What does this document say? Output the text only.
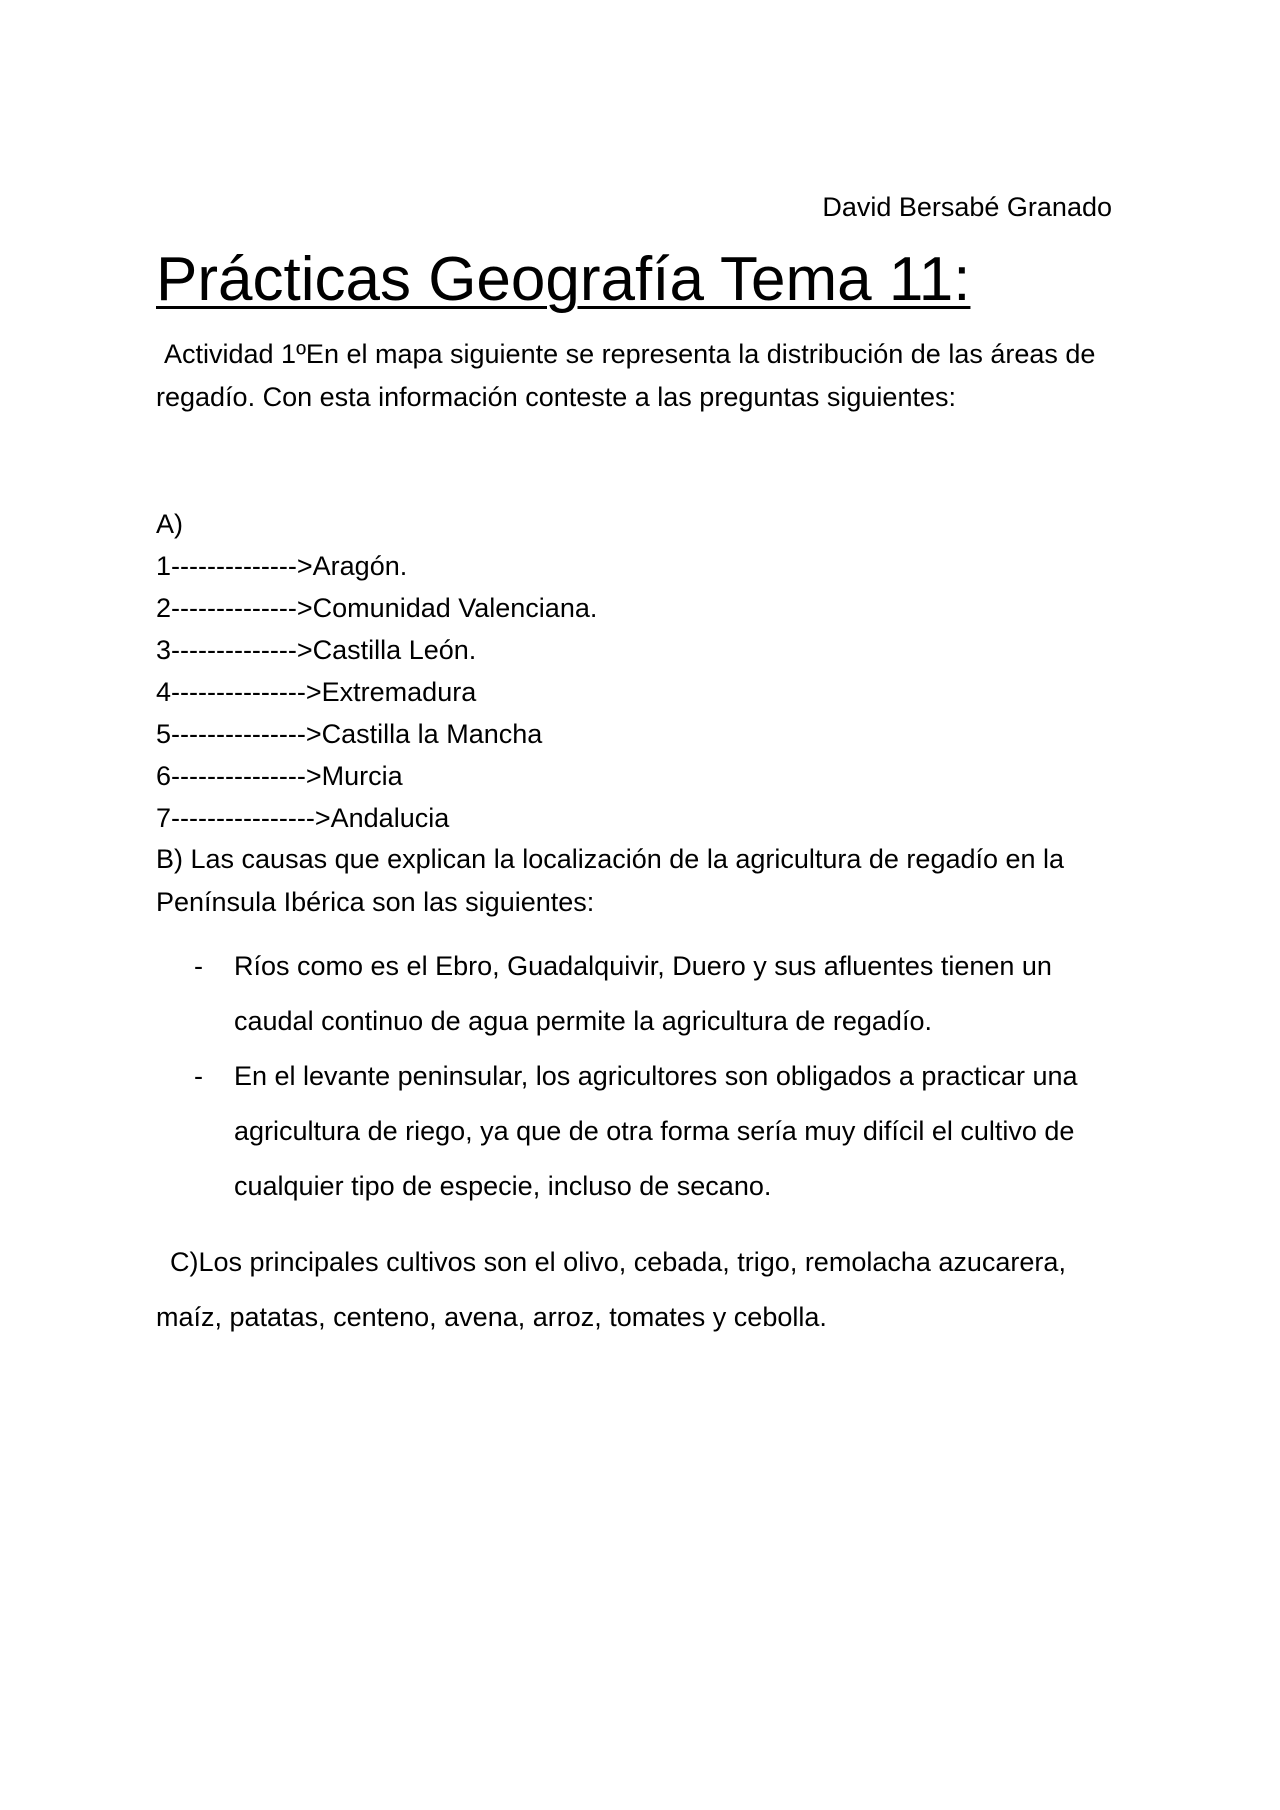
David Bersabé Granado
Prácticas Geografía Tema 11:
Actividad 1ºEn el mapa siguiente se representa la distribución de las áreas de regadío. Con esta información conteste a las preguntas siguientes:
A)
1-------------->Aragón.
2-------------->Comunidad Valenciana.
3-------------->Castilla León.
4--------------->Extremadura
5--------------->Castilla la Mancha
6--------------->Murcia
7---------------->Andalucia
B) Las causas que explican la localización de la agricultura de regadío en la Península Ibérica son las siguientes:
- Ríos como es el Ebro, Guadalquivir, Duero y sus afluentes tienen un caudal continuo de agua permite la agricultura de regadío.
- En el levante peninsular, los agricultores son obligados a practicar una agricultura de riego, ya que de otra forma sería muy difícil el cultivo de cualquier tipo de especie, incluso de secano.
C)Los principales cultivos son el olivo, cebada, trigo, remolacha azucarera, maíz, patatas, centeno, avena, arroz, tomates y cebolla.
